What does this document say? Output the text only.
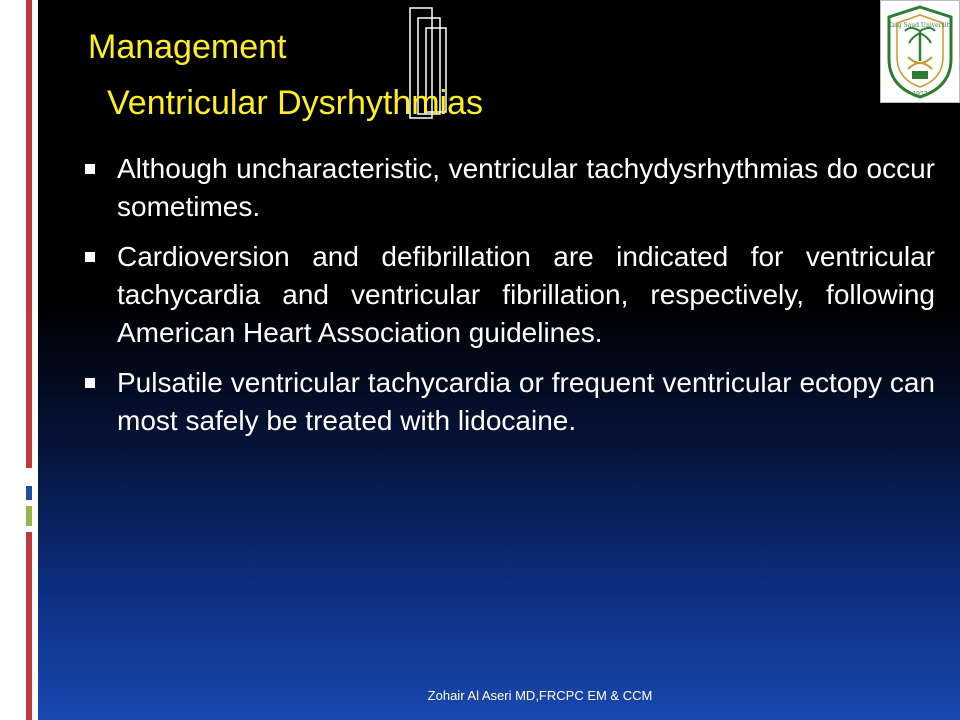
Management
Ventricular Dysrhythmias
King Saud University
1957
Although uncharacteristic, ventricular tachydysrhythmias do occur sometimes.
Cardioversion and defibrillation are indicated for ventricular tachycardia and ventricular fibrillation, respectively, following American Heart Association guidelines.
Pulsatile ventricular tachycardia or frequent ventricular ectopy can most safely be treated with lidocaine.
Zohair Al Aseri MD,FRCPC EM & CCM
